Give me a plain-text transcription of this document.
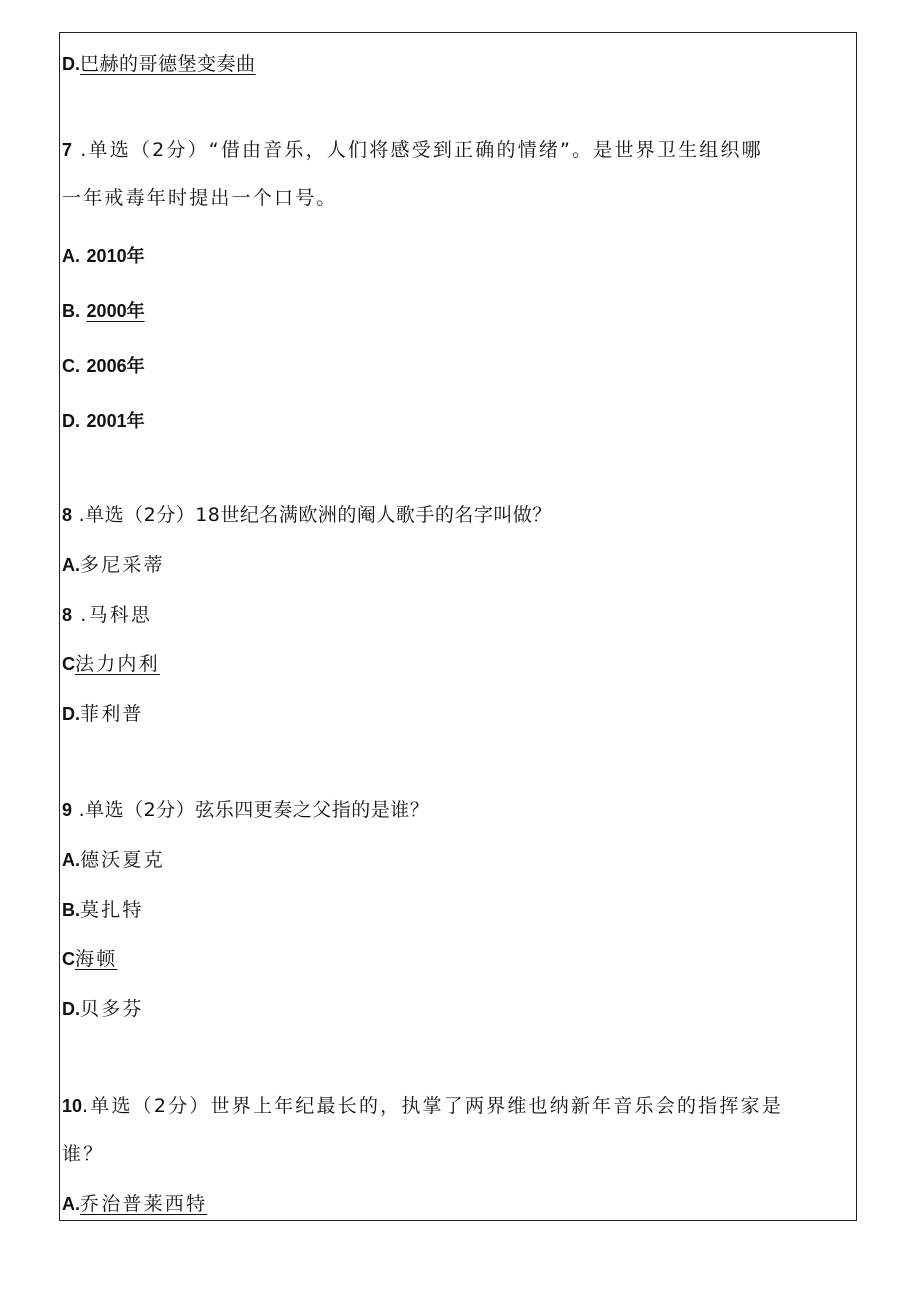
D.巴赫的哥德堡变奏曲
7 .单选（2分）“借由音乐，人们将感受到正确的情绪”。是世界卫生组织哪
一年戒毒年时提出一个口号。
A. 2010年
B. 2000年
C. 2006年
D. 2001年
8 .单选（2分）18世纪名满欧洲的阉人歌手的名字叫做？
A.多尼采蒂
8 .马科思
C法力内利
D.菲利普
9 .单选（2分）弦乐四更奏之父指的是谁？
A.德沃夏克
B.莫扎特
C海顿
D.贝多芬
10.单选（2分）世界上年纪最长的，执掌了两界维也纳新年音乐会的指挥家是
谁？
A.乔治普莱西特
